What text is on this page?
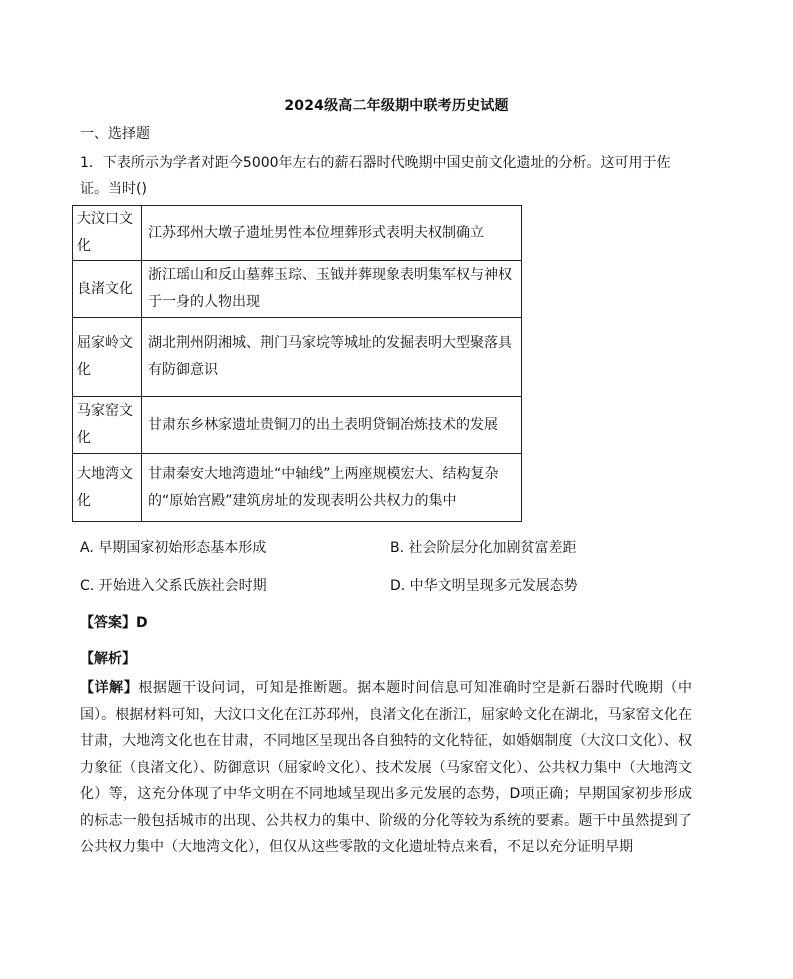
2024级高二年级期中联考历史试题
一、选择题
1．下表所示为学者对距今5000年左右的薪石器时代晚期中国史前文化遗址的分析。这可用于佐证。当时()
大汶口文化	江苏邳州大墩子遗址男性本位埋葬形式表明夫权制确立
良渚文化	浙江瑶山和反山墓葬玉琮、玉钺并葬现象表明集军权与神权于一身的人物出现
屈家岭文化	湖北荆州阴湘城、荆门马家垸等城址的发掘表明大型聚落具有防御意识
马家窑文化	甘肃东乡林家遗址贵铜刀的出土表明贷铜冶炼技术的发展
大地湾文化	甘肃秦安大地湾遗址“中轴线”上两座规模宏大、结构复杂的“原始宫殿”建筑房址的发现表明公共权力的集中
A. 早期国家初始形态基本形成	B. 社会阶层分化加剧贫富差距
C. 开始进入父系氏族社会时期	D. 中华文明呈现多元发展态势
【答案】D
【解析】
【详解】根据题干设问词，可知是推断题。据本题时间信息可知准确时空是新石器时代晚期（中国）。根据材料可知，大汶口文化在江苏邳州，良渚文化在浙江，屈家岭文化在湖北，马家窑文化在甘肃，大地湾文化也在甘肃，不同地区呈现出各自独特的文化特征，如婚姻制度（大汶口文化）、权力象征（良渚文化）、防御意识（屈家岭文化）、技术发展（马家窑文化）、公共权力集中（大地湾文化）等，这充分体现了中华文明在不同地域呈现出多元发展的态势，D项正确；早期国家初步形成的标志一般包括城市的出现、公共权力的集中、阶级的分化等较为系统的要素。题干中虽然提到了公共权力集中（大地湾文化），但仅从这些零散的文化遗址特点来看，不足以充分证明早期
